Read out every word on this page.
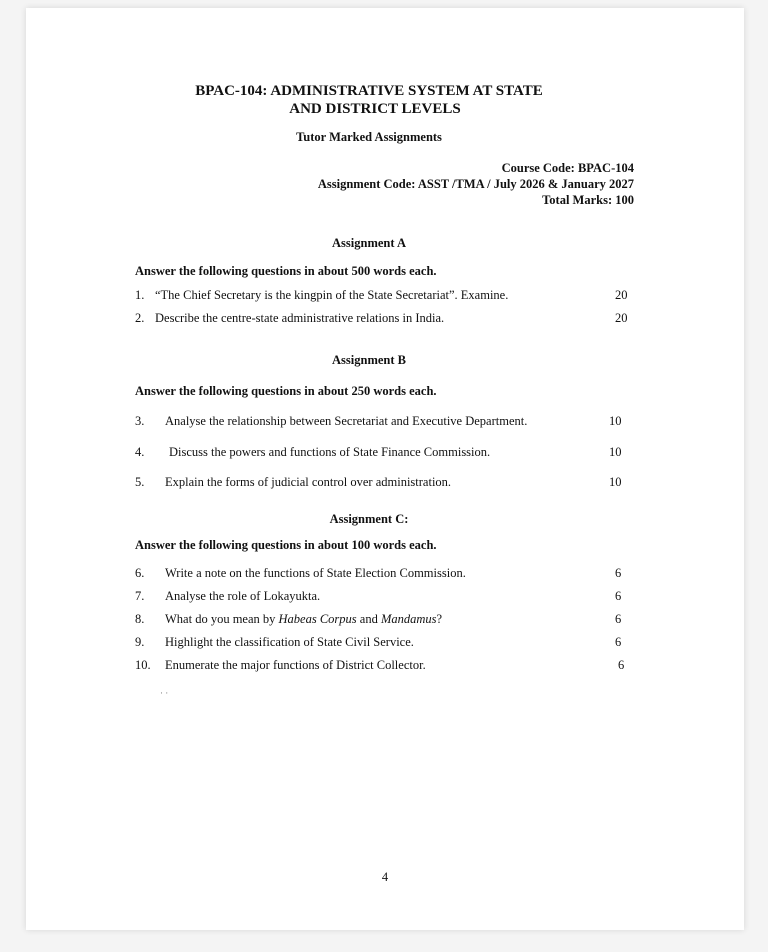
BPAC-104: ADMINISTRATIVE SYSTEM AT STATE
AND DISTRICT LEVELS
Tutor Marked Assignments
Course Code: BPAC-104
Assignment Code: ASST /TMA / July 2026 & January 2027
Total Marks: 100
Assignment A
Answer the following questions in about 500 words each.
1. “The Chief Secretary is the kingpin of the State Secretariat”. Examine.	20
2. Describe the centre-state administrative relations in India.	20
Assignment B
Answer the following questions in about 250 words each.
3. Analyse the relationship between Secretariat and Executive Department.	10
4. Discuss the powers and functions of State Finance Commission.	10
5. Explain the forms of judicial control over administration.	10
Assignment C:
Answer the following questions in about 100 words each.
6. Write a note on the functions of State Election Commission.	6
7. Analyse the role of Lokayukta.	6
8. What do you mean by Habeas Corpus and Mandamus?	6
9. Highlight the classification of State Civil Service.	6
10. Enumerate the major functions of District Collector.	6
· ·
4
